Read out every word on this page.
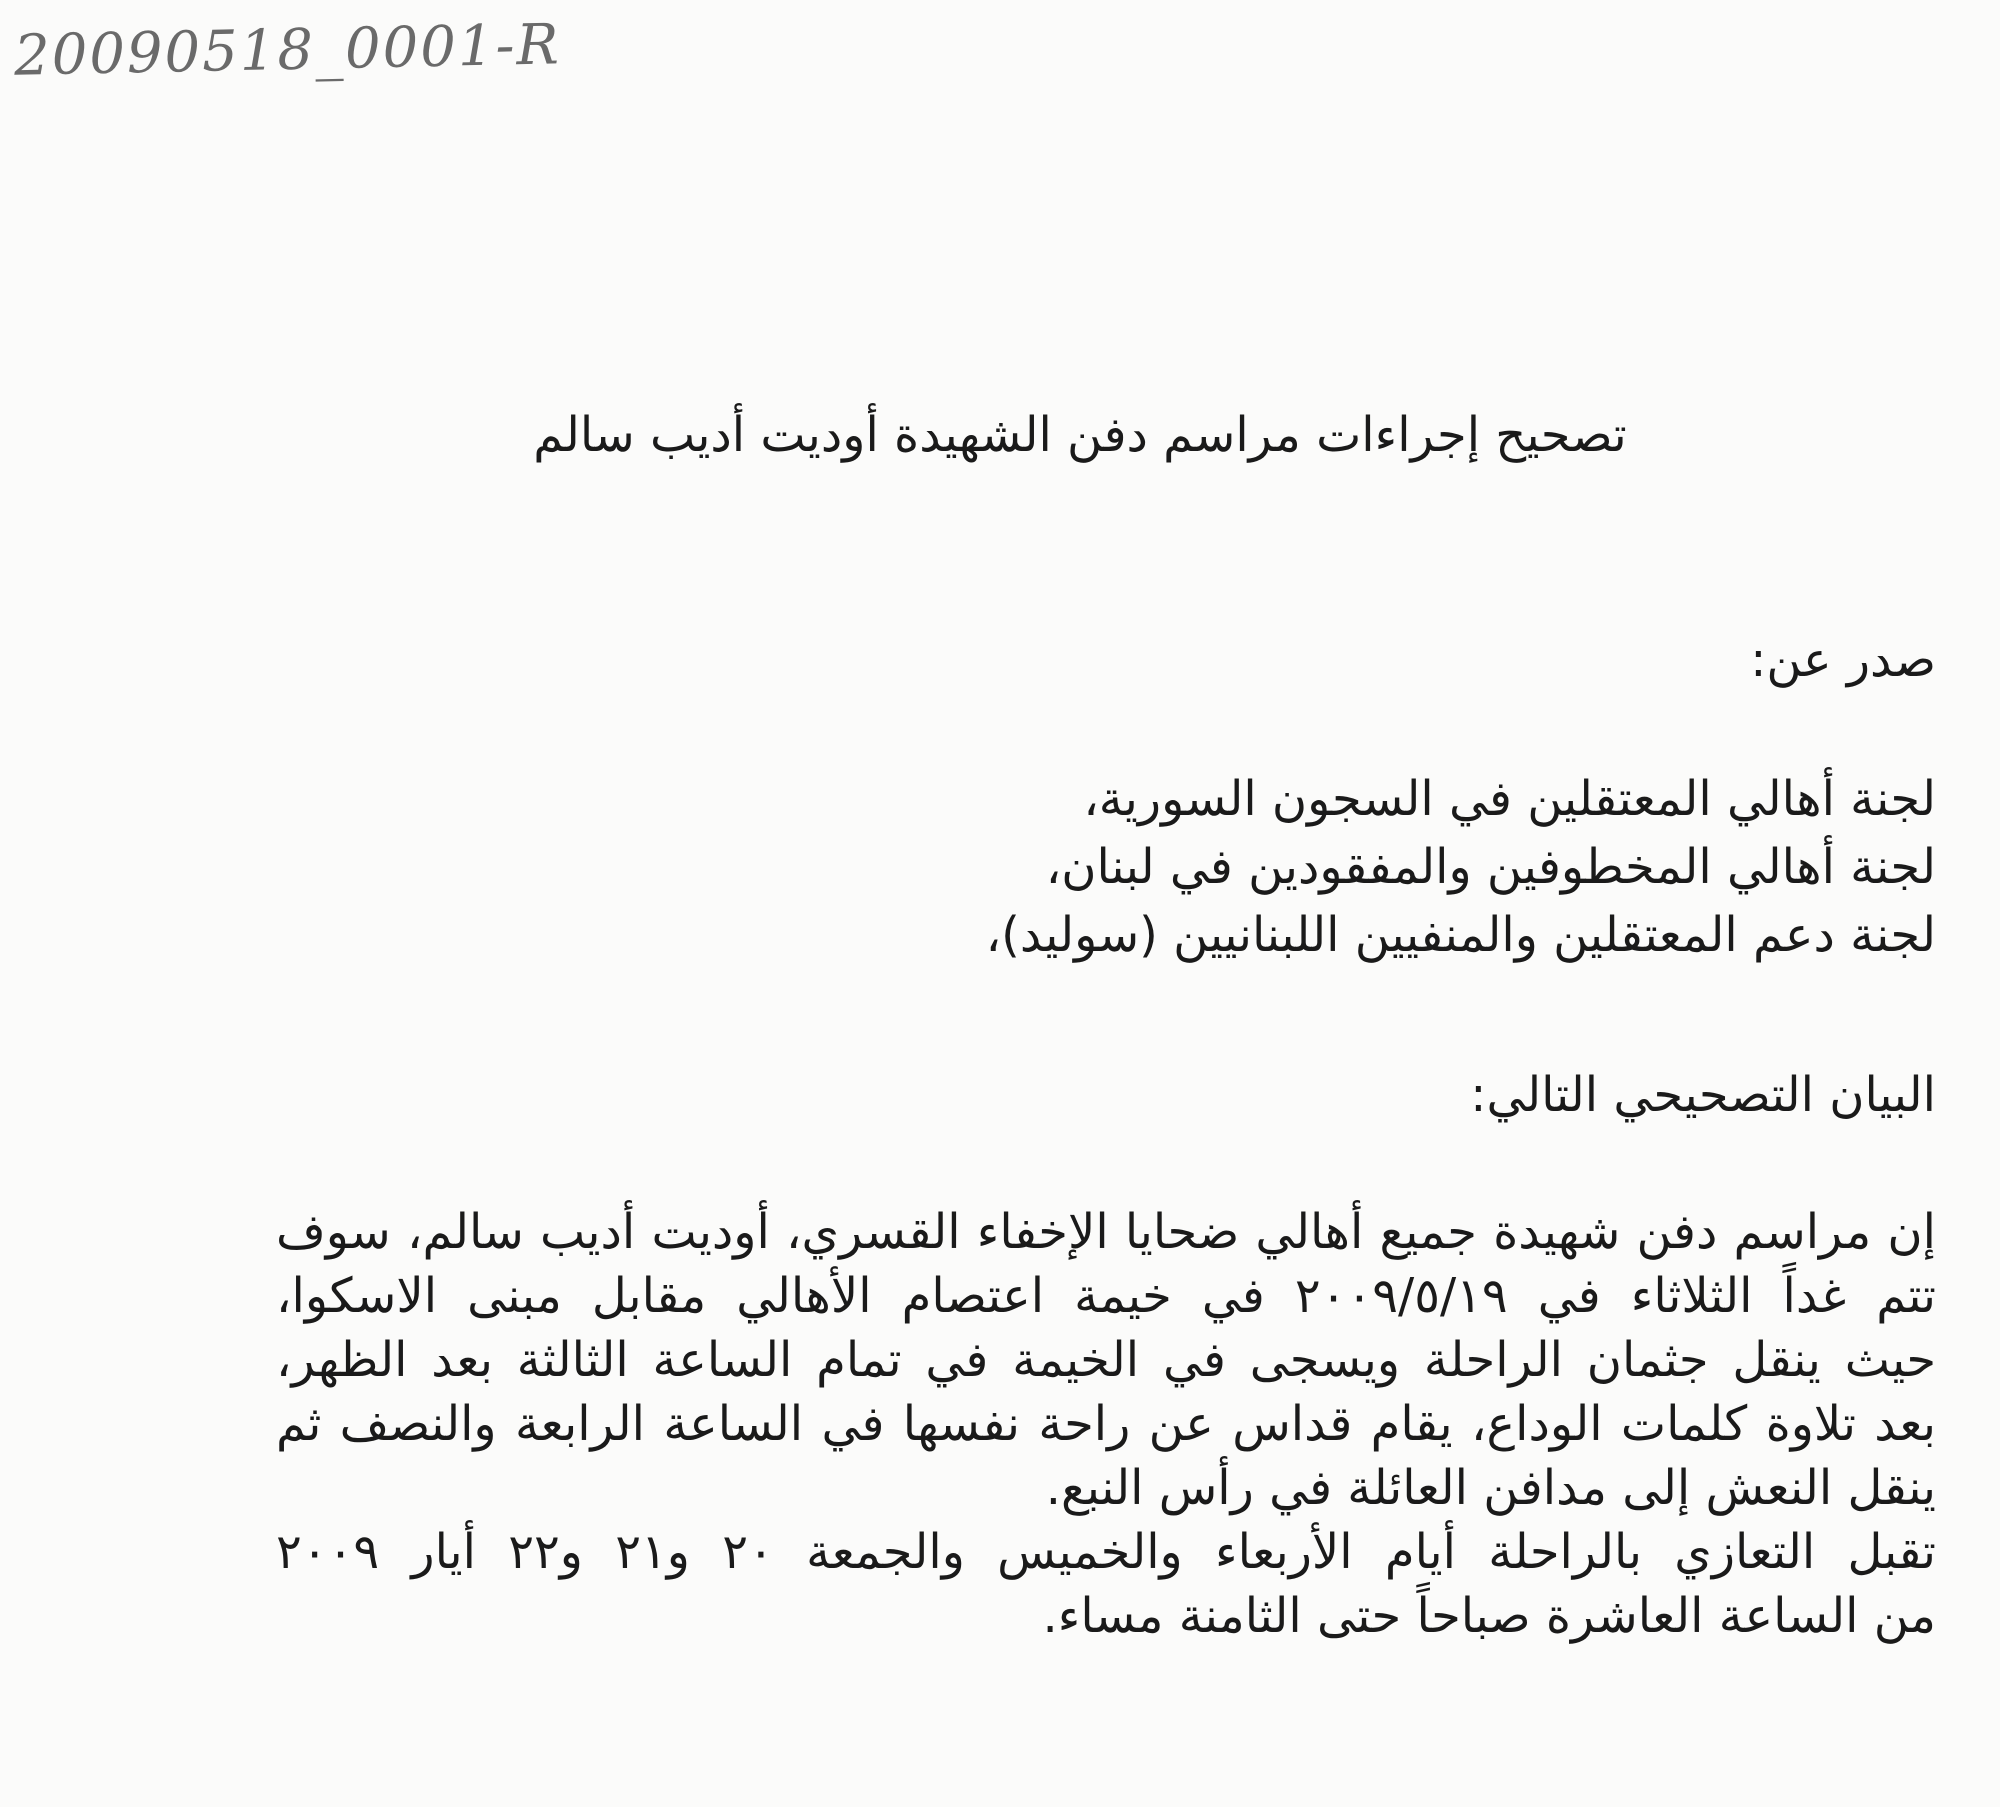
20090518_0001-R
تصحيح إجراءات مراسم دفن الشهيدة أوديت أديب سالم
صدر عن:
لجنة أهالي المعتقلين في السجون السورية،
لجنة أهالي المخطوفين والمفقودين في لبنان،
لجنة دعم المعتقلين والمنفيين اللبنانيين (سوليد)،
البيان التصحيحي التالي:
إن مراسم دفن شهيدة جميع أهالي ضحايا الإخفاء القسري، أوديت أديب سالم، سوف
تتم غداً الثلاثاء في ٢٠٠٩/٥/١٩ في خيمة اعتصام الأهالي مقابل مبنى الاسكوا،
حيث ينقل جثمان الراحلة ويسجى في الخيمة في تمام الساعة الثالثة بعد الظهر،
بعد تلاوة كلمات الوداع، يقام قداس عن راحة نفسها في الساعة الرابعة والنصف ثم
ينقل النعش إلى مدافن العائلة في رأس النبع.
تقبل التعازي بالراحلة أيام الأربعاء والخميس والجمعة ٢٠ و٢١ و٢٢ أيار ٢٠٠٩
من الساعة العاشرة صباحاً حتى الثامنة مساء.
